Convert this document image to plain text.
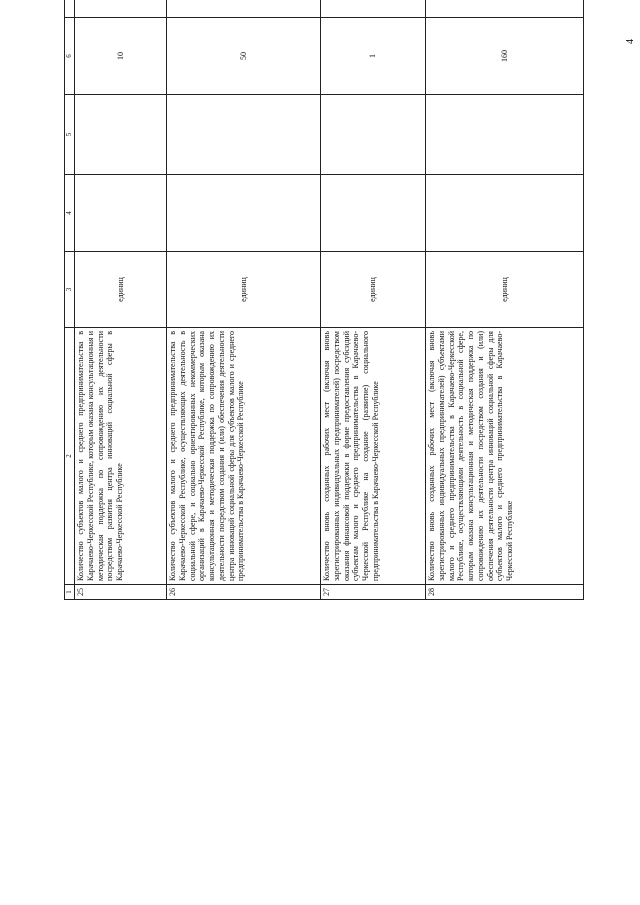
4
1	2	3	4	5	6			
25	Количество субъектов малого и среднего предпринимательства в Карачаево-Черкесской Республике, которым оказана консультационная и методическая поддержка по сопровождению их деятельности посредством развития центра инноваций социальной сферы в Карачаево-Черкесской Республике	единиц			10			
26	Количество субъектов малого и среднего предпринимательства в Карачаево-Черкесской Республике, осуществляющих деятельность в социальной сфере, и социально ориентированных некоммерческих организаций в Карачаево-Черкесской Республике, которым оказана консультационная и методическая поддержка по сопровождению их деятельности посредством создания и (или) обеспечения деятельности центра инноваций социальной сферы для субъектов малого и среднего предпринимательства в Карачаево-Черкесской Республике	единиц			50			
27	Количество вновь созданных рабочих мест (включая вновь зарегистрированных индивидуальных предпринимателей) посредством оказания финансовой поддержки в форме предоставления субсидий субъектам малого и среднего предпринимательства в Карачаево-Черкесской Республике на создание (развитие) социального предпринимательства в Карачаево-Черкесской Республике	единиц			1			
28	Количество вновь созданных рабочих мест (включая вновь зарегистрированных индивидуальных предпринимателей) субъектами малого и среднего предпринимательства в Карачаево-Черкесской Республике, осуществляющими деятельность в социальной сфере, которым оказана консультационная и методическая поддержка по сопровождению их деятельности посредством создания и (или) обеспечения деятельности центра инноваций социальной сферы для субъектов малого и среднего предпринимательства в Карачаево-Черкесской Республике	единиц			160			
